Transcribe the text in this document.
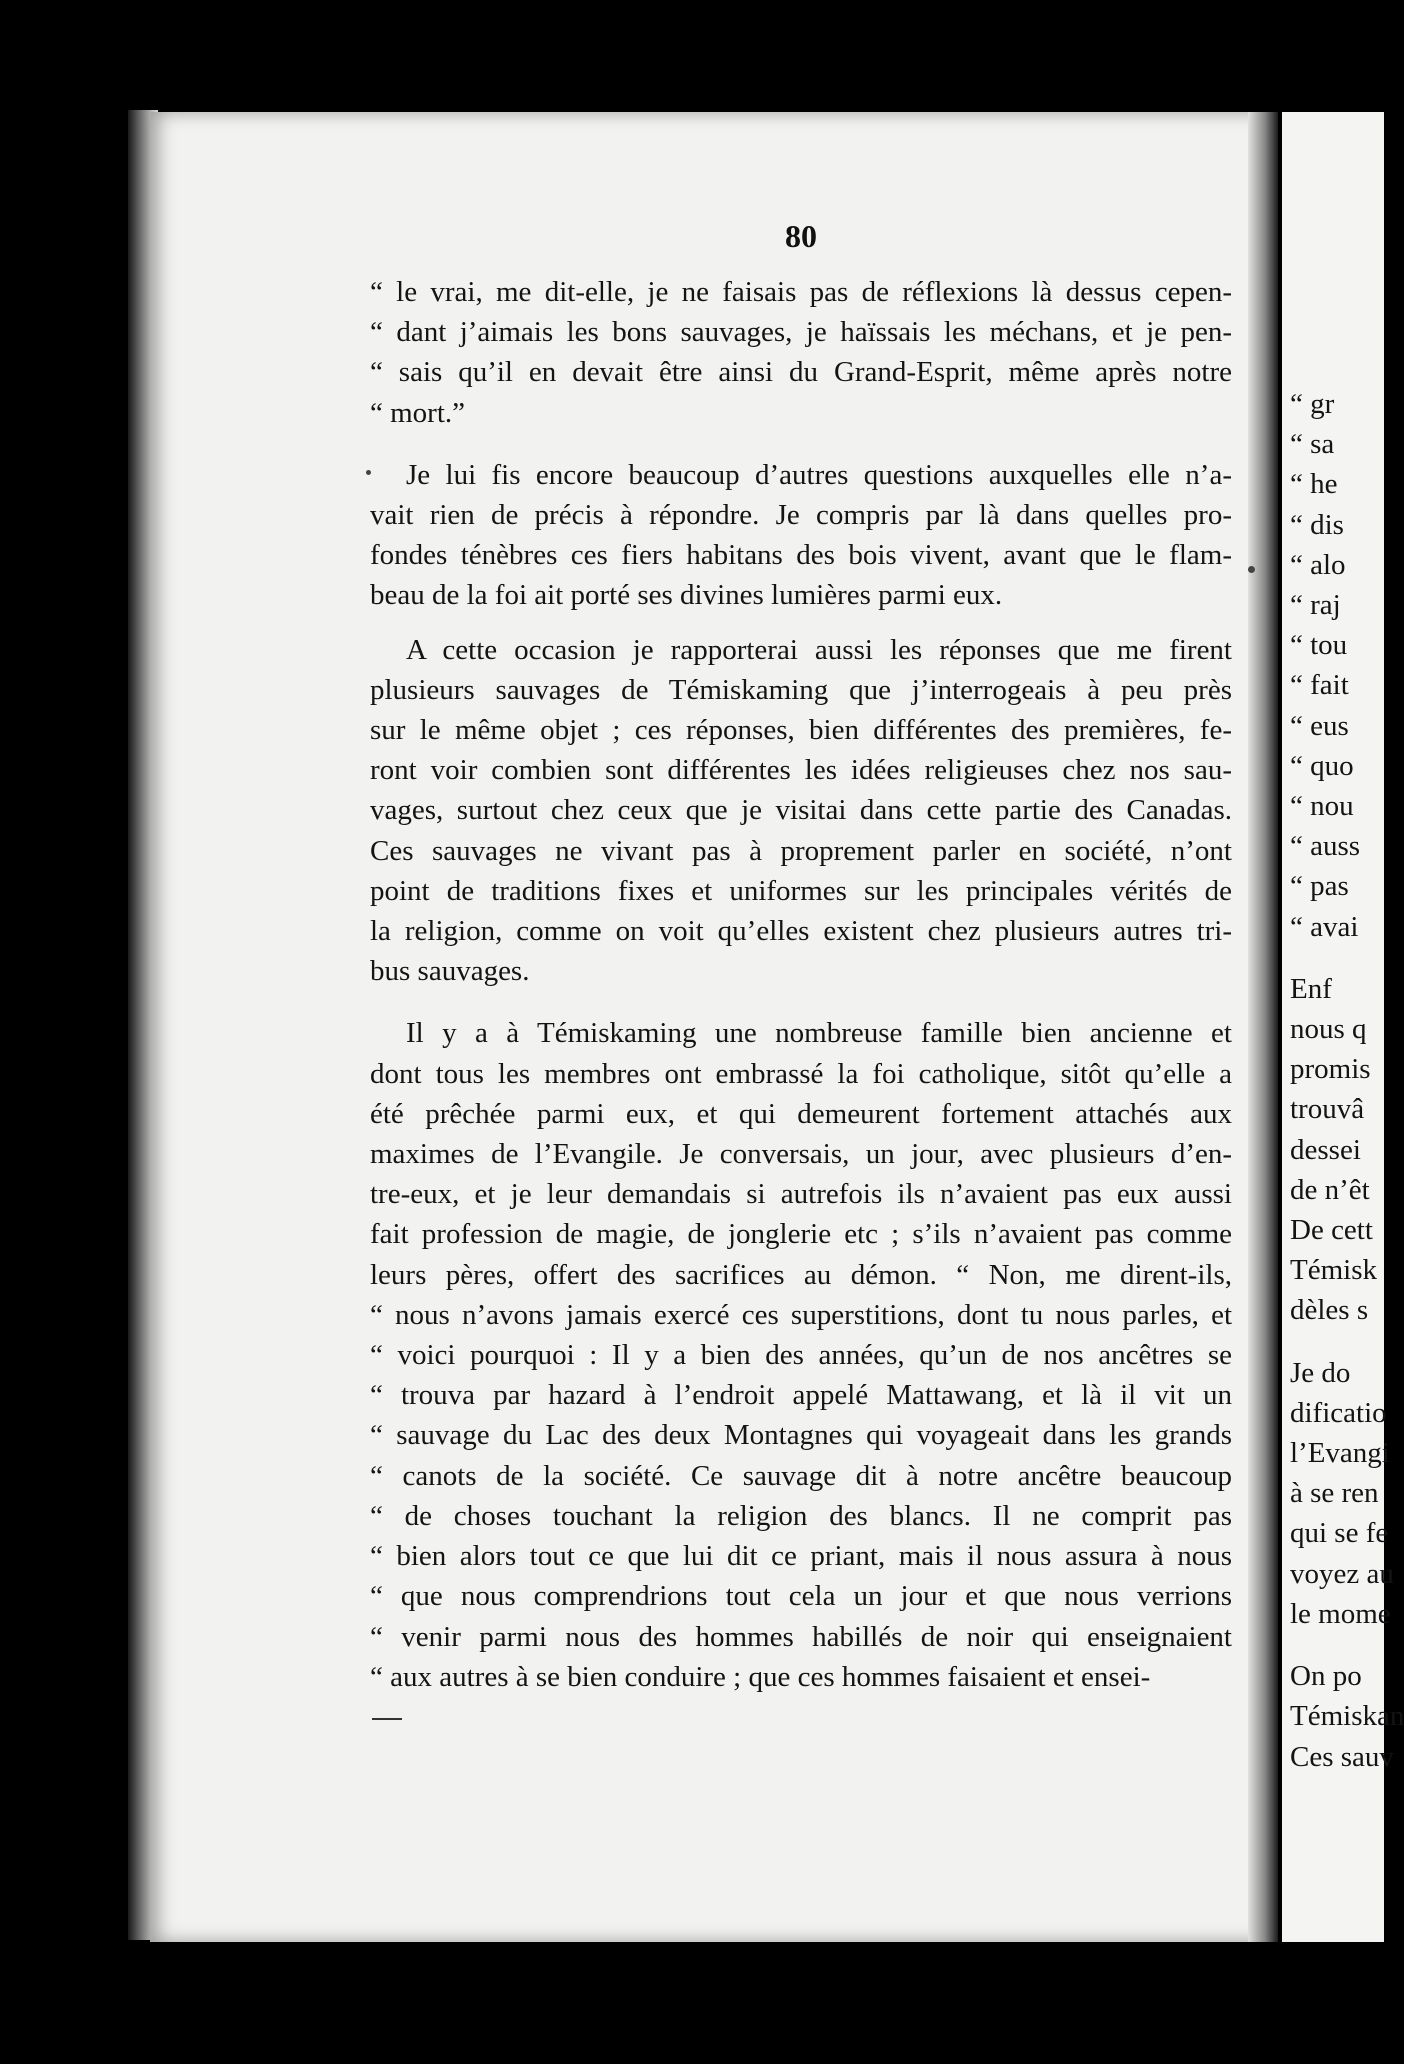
“ gr
“ sa
“ he
“ dis
“ alo
“ raj
“ tou
“ fait
“ eus
“ quo
“ nou
“ auss
“ pas
“ avai
Enf
nous q
promis
trouvâ
dessei
de n’êt
De cett
Témisk
dèles s
Je do
dificatio
l’Evangi
à se ren
qui se fe
voyez au
le mome
On po
Témiskan
Ces sauv
80
“ le vrai, me dit-elle, je ne faisais pas de réflexions là dessus cepen-
“ dant j’aimais les bons sauvages, je haïssais les méchans, et je pen-
“ sais qu’il en devait être ainsi du Grand-Esprit, même après notre
“ mort.”
Je lui fis encore beaucoup d’autres questions auxquelles elle n’a-
vait rien de précis à répondre. Je compris par là dans quelles pro-
fondes ténèbres ces fiers habitans des bois vivent, avant que le flam-
beau de la foi ait porté ses divines lumières parmi eux.
A cette occasion je rapporterai aussi les réponses que me firent
plusieurs sauvages de Témiskaming que j’interrogeais à peu près
sur le même objet ; ces réponses, bien différentes des premières, fe-
ront voir combien sont différentes les idées religieuses chez nos sau-
vages, surtout chez ceux que je visitai dans cette partie des Canadas.
Ces sauvages ne vivant pas à proprement parler en société, n’ont
point de traditions fixes et uniformes sur les principales vérités de
la religion, comme on voit qu’elles existent chez plusieurs autres tri-
bus sauvages.
Il y a à Témiskaming une nombreuse famille bien ancienne et
dont tous les membres ont embrassé la foi catholique, sitôt qu’elle a
été prêchée parmi eux, et qui demeurent fortement attachés aux
maximes de l’Evangile. Je conversais, un jour, avec plusieurs d’en-
tre-eux, et je leur demandais si autrefois ils n’avaient pas eux aussi
fait profession de magie, de jonglerie etc ; s’ils n’avaient pas comme
leurs pères, offert des sacrifices au démon. “ Non, me dirent-ils,
“ nous n’avons jamais exercé ces superstitions, dont tu nous parles, et
“ voici pourquoi : Il y a bien des années, qu’un de nos ancêtres se
“ trouva par hazard à l’endroit appelé Mattawang, et là il vit un
“ sauvage du Lac des deux Montagnes qui voyageait dans les grands
“ canots de la société. Ce sauvage dit à notre ancêtre beaucoup
“ de choses touchant la religion des blancs. Il ne comprit pas
“ bien alors tout ce que lui dit ce priant, mais il nous assura à nous
“ que nous comprendrions tout cela un jour et que nous verrions
“ venir parmi nous des hommes habillés de noir qui enseignaient
“ aux autres à se bien conduire ; que ces hommes faisaient et ensei-
